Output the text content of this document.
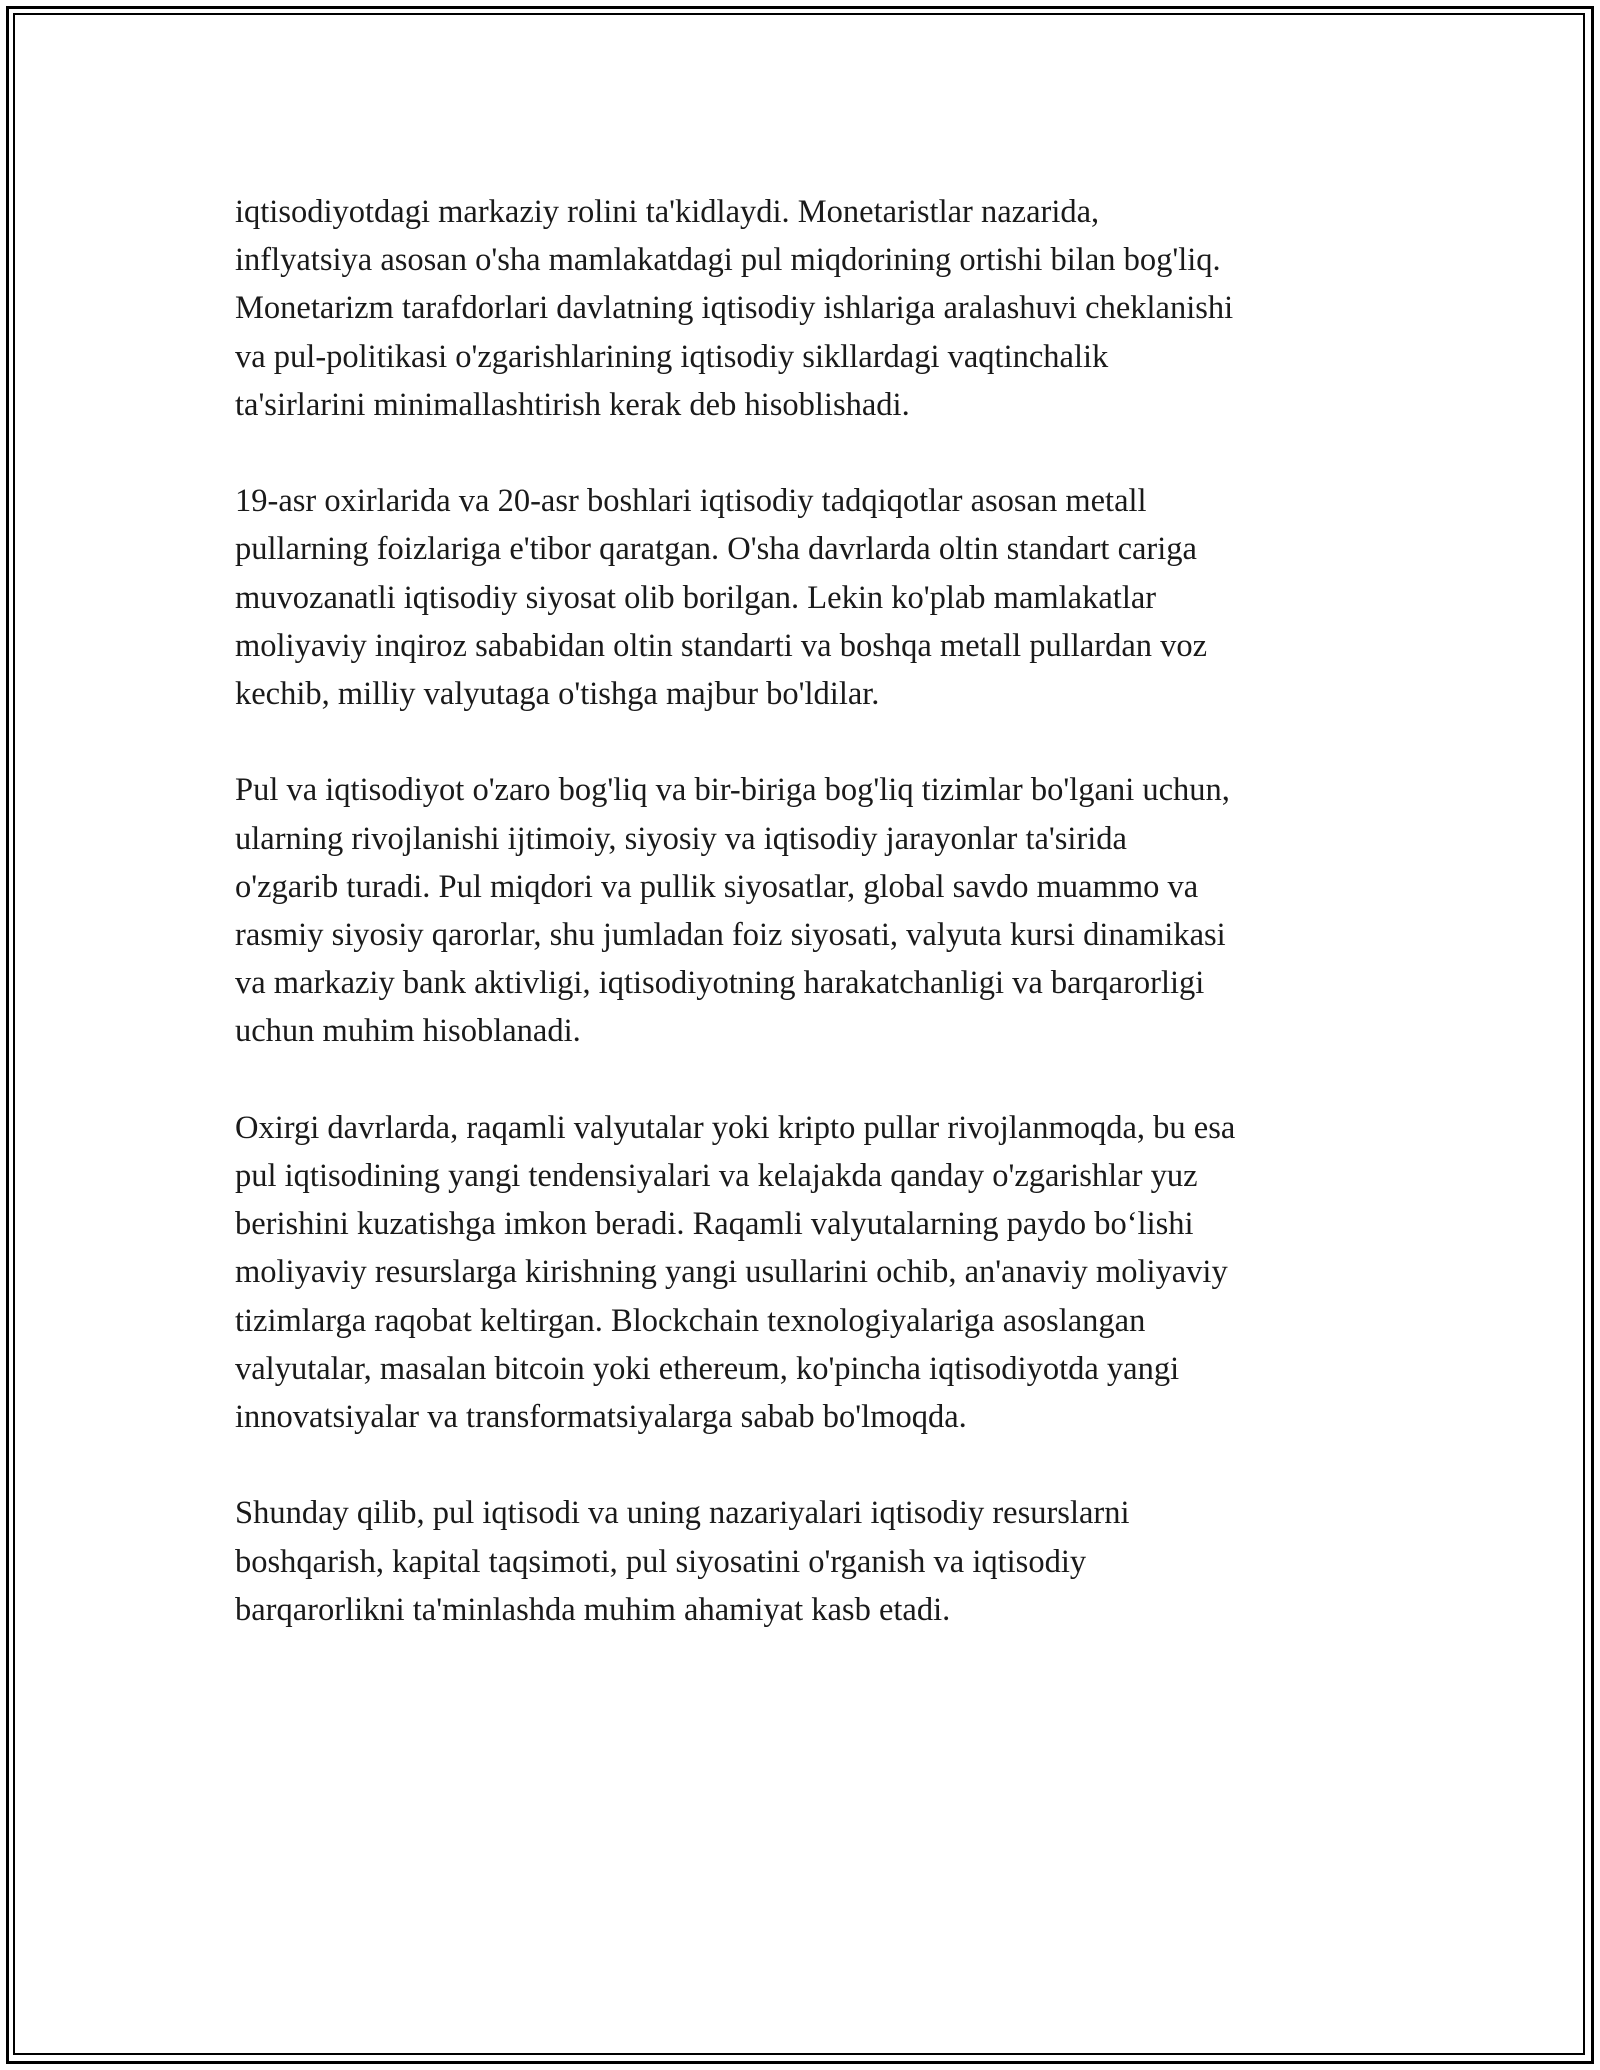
iqtisodiyotdagi markaziy rolini ta'kidlaydi. Monetaristlar nazarida,
inflyatsiya asosan o'sha mamlakatdagi pul miqdorining ortishi bilan bog'liq.
Monetarizm tarafdorlari davlatning iqtisodiy ishlariga aralashuvi cheklanishi
va pul-politikasi o'zgarishlarining iqtisodiy sikllardagi vaqtinchalik
ta'sirlarini minimallashtirish kerak deb hisoblishadi.

19-asr oxirlarida va 20-asr boshlari iqtisodiy tadqiqotlar asosan metall
pullarning foizlariga e'tibor qaratgan. O'sha davrlarda oltin standart cariga
muvozanatli iqtisodiy siyosat olib borilgan. Lekin ko'plab mamlakatlar
moliyaviy inqiroz sababidan oltin standarti va boshqa metall pullardan voz
kechib, milliy valyutaga o'tishga majbur bo'ldilar.

Pul va iqtisodiyot o'zaro bog'liq va bir-biriga bog'liq tizimlar bo'lgani uchun,
ularning rivojlanishi ijtimoiy, siyosiy va iqtisodiy jarayonlar ta'sirida
o'zgarib turadi. Pul miqdori va pullik siyosatlar, global savdo muammo va
rasmiy siyosiy qarorlar, shu jumladan foiz siyosati, valyuta kursi dinamikasi
va markaziy bank aktivligi, iqtisodiyotning harakatchanligi va barqarorligi
uchun muhim hisoblanadi.

Oxirgi davrlarda, raqamli valyutalar yoki kripto pullar rivojlanmoqda, bu esa
pul iqtisodining yangi tendensiyalari va kelajakda qanday o'zgarishlar yuz
berishini kuzatishga imkon beradi. Raqamli valyutalarning paydo bo‘lishi
moliyaviy resurslarga kirishning yangi usullarini ochib, an'anaviy moliyaviy
tizimlarga raqobat keltirgan. Blockchain texnologiyalariga asoslangan
valyutalar, masalan bitcoin yoki ethereum, ko'pincha iqtisodiyotda yangi
innovatsiyalar va transformatsiyalarga sabab bo'lmoqda.

Shunday qilib, pul iqtisodi va uning nazariyalari iqtisodiy resurslarni
boshqarish, kapital taqsimoti, pul siyosatini o'rganish va iqtisodiy
barqarorlikni ta'minlashda muhim ahamiyat kasb etadi.
